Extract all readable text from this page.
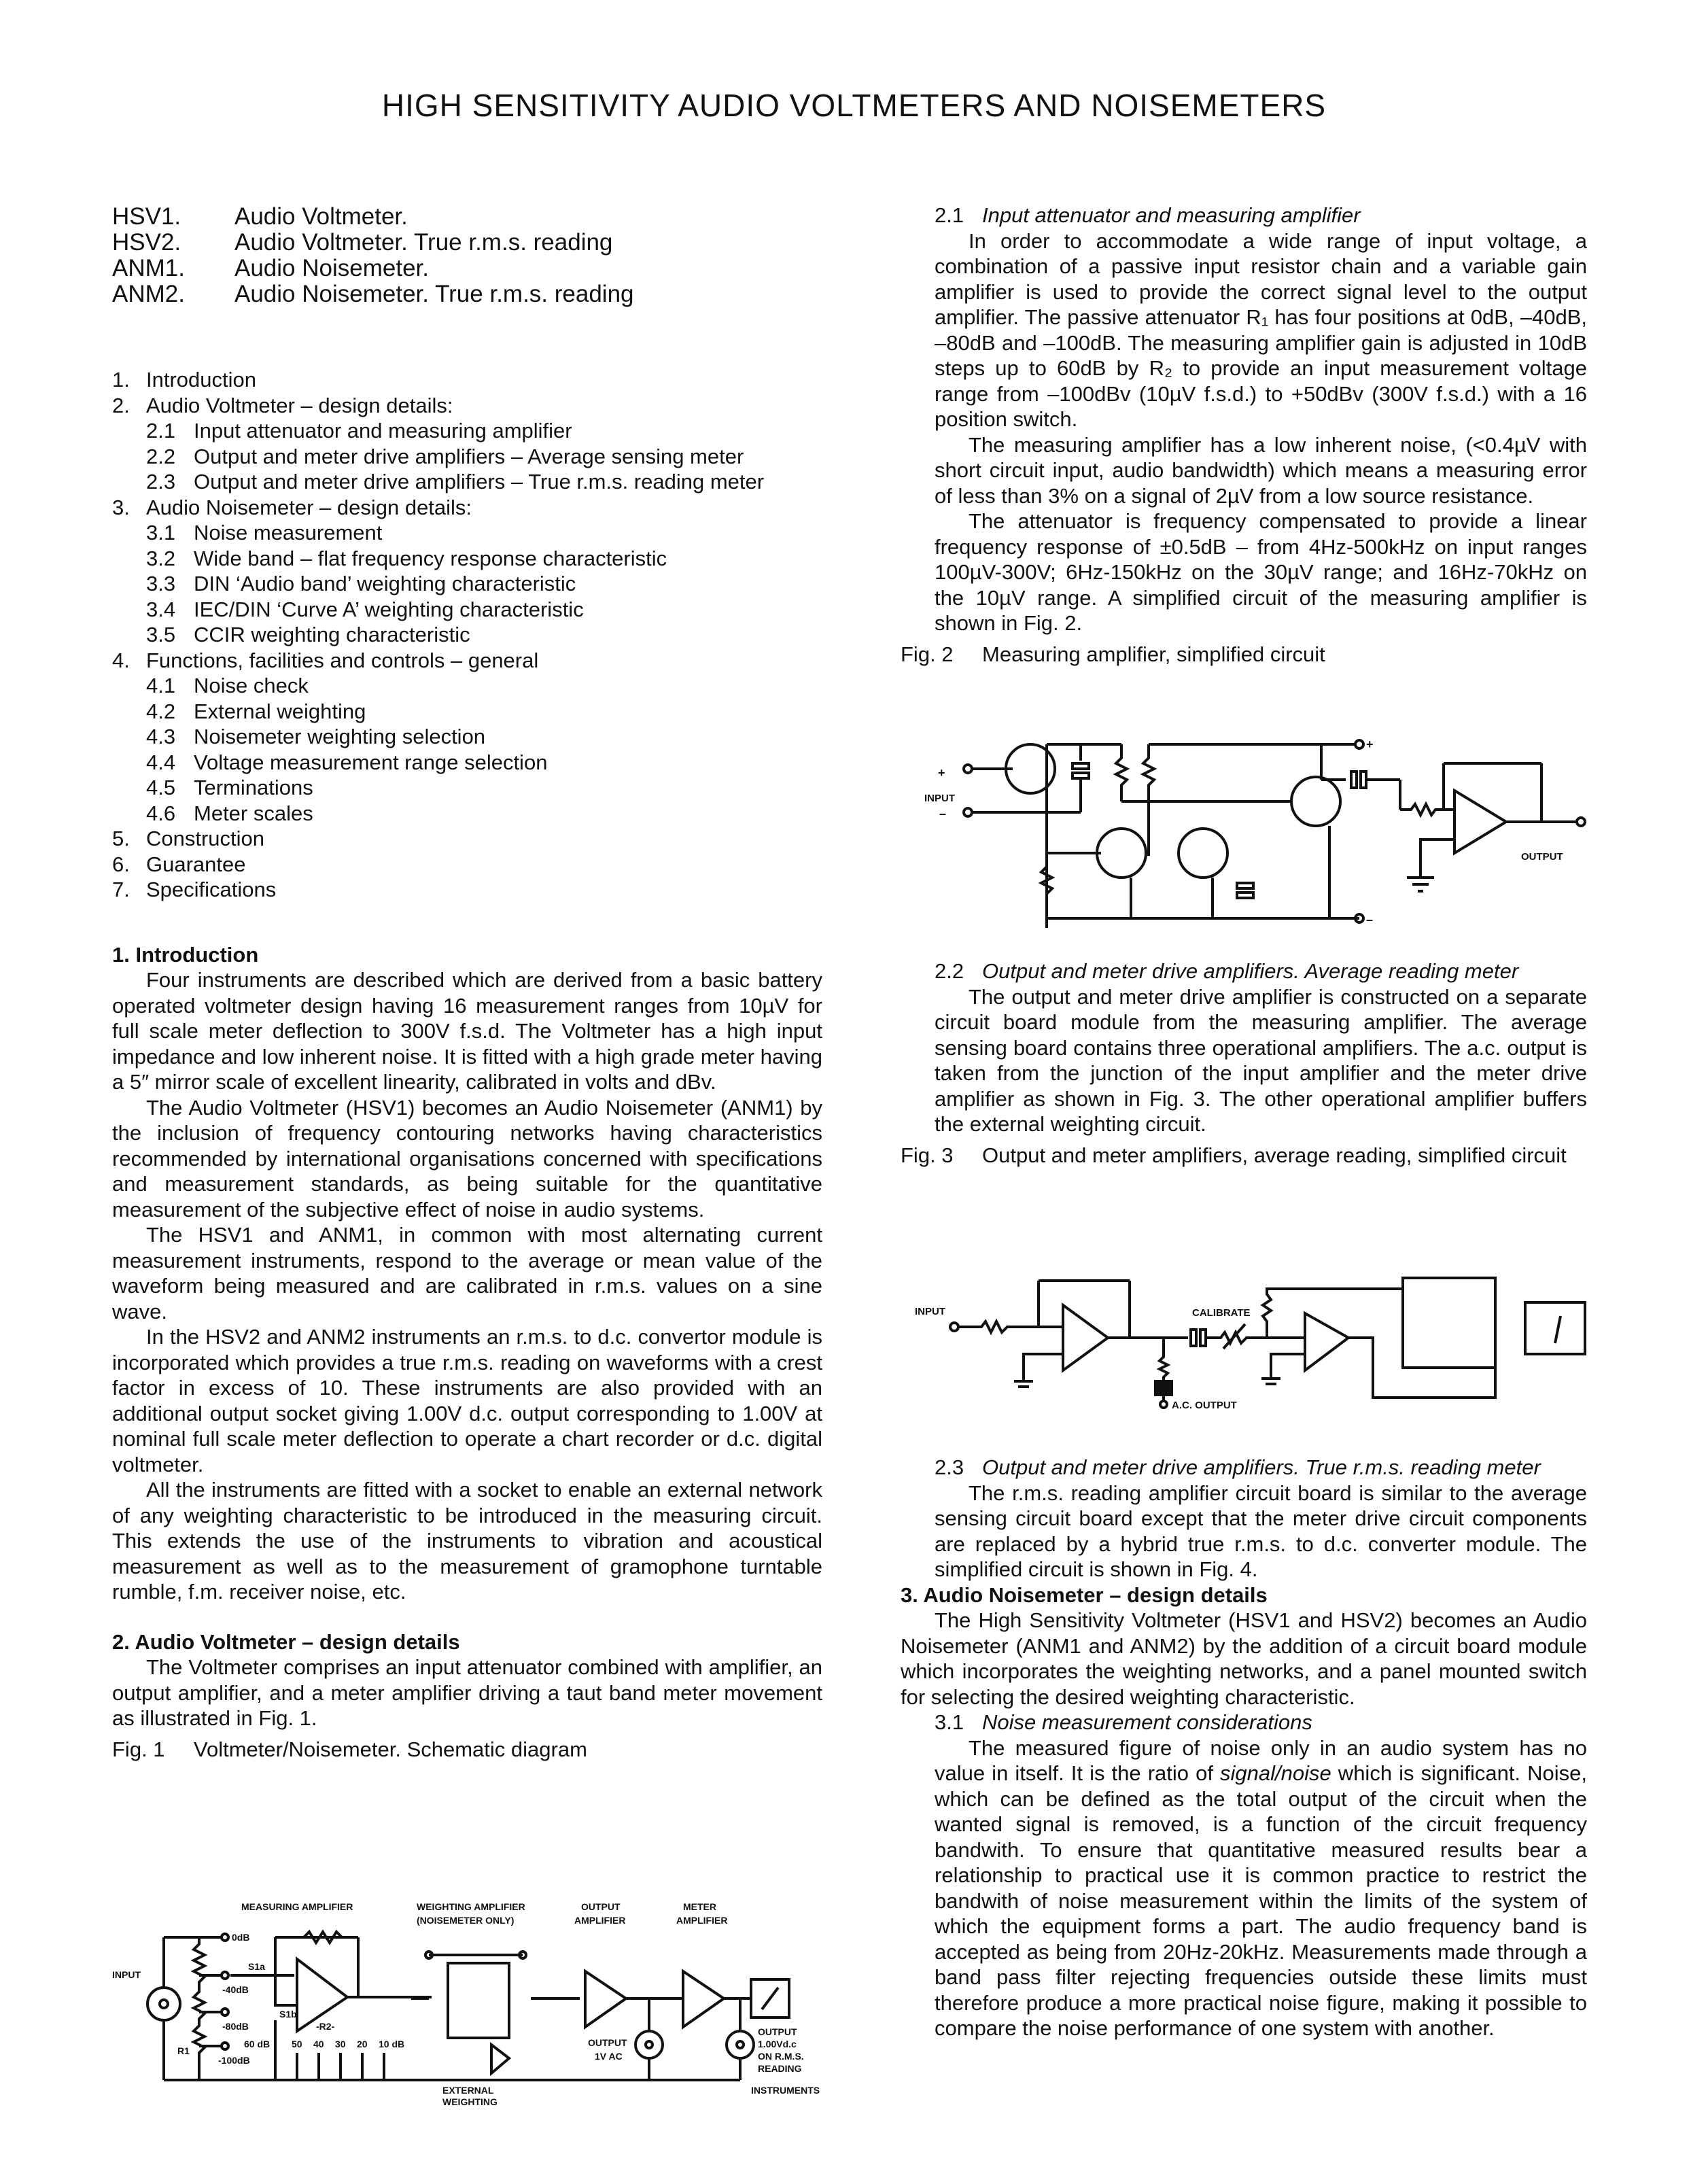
HIGH SENSITIVITY AUDIO VOLTMETERS AND NOISEMETERS
HSV1.	Audio Voltmeter.
HSV2.	Audio Voltmeter. True r.m.s. reading
ANM1.	Audio Noisemeter.
ANM2.	Audio Noisemeter. True r.m.s. reading
1. Introduction
2. Audio Voltmeter – design details:
2.1 Input attenuator and measuring amplifier
2.2 Output and meter drive amplifiers – Average sensing meter
2.3 Output and meter drive amplifiers – True r.m.s. reading meter
3. Audio Noisemeter – design details:
3.1 Noise measurement
3.2 Wide band – flat frequency response characteristic
3.3 DIN ‘Audio band’ weighting characteristic
3.4 IEC/DIN ‘Curve A’ weighting characteristic
3.5 CCIR weighting characteristic
4. Functions, facilities and controls – general
4.1 Noise check
4.2 External weighting
4.3 Noisemeter weighting selection
4.4 Voltage measurement range selection
4.5 Terminations
4.6 Meter scales
5. Construction
6. Guarantee
7. Specifications
1. Introduction

Four instruments are described which are derived from a basic battery operated voltmeter design having 16 measurement ranges from 10µV for full scale meter deflection to 300V f.s.d. The Voltmeter has a high input impedance and low inherent noise. It is fitted with a high grade meter having a 5″ mirror scale of excellent linearity, calibrated in volts and dBv.

The Audio Voltmeter (HSV1) becomes an Audio Noisemeter (ANM1) by the inclusion of frequency contouring networks having characteristics recommended by international organisations concerned with specifications and measurement standards, as being suitable for the quantitative measurement of the subjective effect of noise in audio systems.

The HSV1 and ANM1, in common with most alternating current measurement instruments, respond to the average or mean value of the waveform being measured and are calibrated in r.m.s. values on a sine wave.

In the HSV2 and ANM2 instruments an r.m.s. to d.c. convertor module is incorporated which provides a true r.m.s. reading on waveforms with a crest factor in excess of 10. These instruments are also provided with an additional output socket giving 1.00V d.c. output corresponding to 1.00V at nominal full scale meter deflection to operate a chart recorder or d.c. digital voltmeter.

All the instruments are fitted with a socket to enable an external network of any weighting characteristic to be introduced in the measuring circuit. This extends the use of the instruments to vibration and acoustical measurement as well as to the measurement of gramophone turntable rumble, f.m. receiver noise, etc.

2. Audio Voltmeter – design details

The Voltmeter comprises an input attenuator combined with amplifier, an output amplifier, and a meter amplifier driving a taut band meter movement as illustrated in Fig. 1.

Fig. 1	Voltmeter/Noisemeter. Schematic diagram
MEASURING AMPLIFIER	WEIGHTING AMPLIFIER
(NOISEMETER ONLY)
OUTPUT
AMPLIFIER
METER
AMPLIFIER
INPUT
0dB
-40dB
-80dB
-100dB
S1a
S1b
R1
-R2-
60 dB 50 40 30 20 10 dB
EXTERNAL
WEIGHTING
OUTPUT
1V AC
OUTPUT
1.00Vd.c
ON R.M.S.
READING
INSTRUMENTS
2.1 Input attenuator and measuring amplifier

In order to accommodate a wide range of input voltage, a combination of a passive input resistor chain and a variable gain amplifier is used to provide the correct signal level to the output amplifier. The passive attenuator R₁ has four positions at 0dB, –40dB, –80dB and –100dB. The measuring amplifier gain is adjusted in 10dB steps up to 60dB by R₂ to provide an input measurement voltage range from –100dBv (10µV f.s.d.) to +50dBv (300V f.s.d.) with a 16 position switch.

The measuring amplifier has a low inherent noise, (<0.4µV with short circuit input, audio bandwidth) which means a measuring error of less than 3% on a signal of 2µV from a low source resistance.

The attenuator is frequency compensated to provide a linear frequency response of ±0.5dB – from 4Hz-500kHz on input ranges 100µV-300V; 6Hz-150kHz on the 30µV range; and 16Hz-70kHz on the 10µV range. A simplified circuit of the measuring amplifier is shown in Fig. 2.

Fig. 2	Measuring amplifier, simplified circuit
+
INPUT
–
+
–
OUTPUT
2.2 Output and meter drive amplifiers. Average reading meter

The output and meter drive amplifier is constructed on a separate circuit board module from the measuring amplifier. The average sensing board contains three operational amplifiers. The a.c. output is taken from the junction of the input amplifier and the meter drive amplifier as shown in Fig. 3. The other operational amplifier buffers the external weighting circuit.

Fig. 3	Output and meter amplifiers, average reading, simplified circuit
INPUT	CALIBRATE
A.C. OUTPUT
2.3 Output and meter drive amplifiers. True r.m.s. reading meter

The r.m.s. reading amplifier circuit board is similar to the average sensing circuit board except that the meter drive circuit components are replaced by a hybrid true r.m.s. to d.c. converter module. The simplified circuit is shown in Fig. 4.

3. Audio Noisemeter – design details

The High Sensitivity Voltmeter (HSV1 and HSV2) becomes an Audio Noisemeter (ANM1 and ANM2) by the addition of a circuit board module which incorporates the weighting networks, and a panel mounted switch for selecting the desired weighting characteristic.

3.1 Noise measurement considerations

The measured figure of noise only in an audio system has no value in itself. It is the ratio of signal/noise which is significant. Noise, which can be defined as the total output of the circuit when the wanted signal is removed, is a function of the circuit frequency bandwith. To ensure that quantitative measured results bear a relationship to practical use it is common practice to restrict the bandwith of noise measurement within the limits of the system of which the equipment forms a part. The audio frequency band is accepted as being from 20Hz-20kHz. Measurements made through a band pass filter rejecting frequencies outside these limits must therefore produce a more practical noise figure, making it possible to compare the noise performance of one system with another.
